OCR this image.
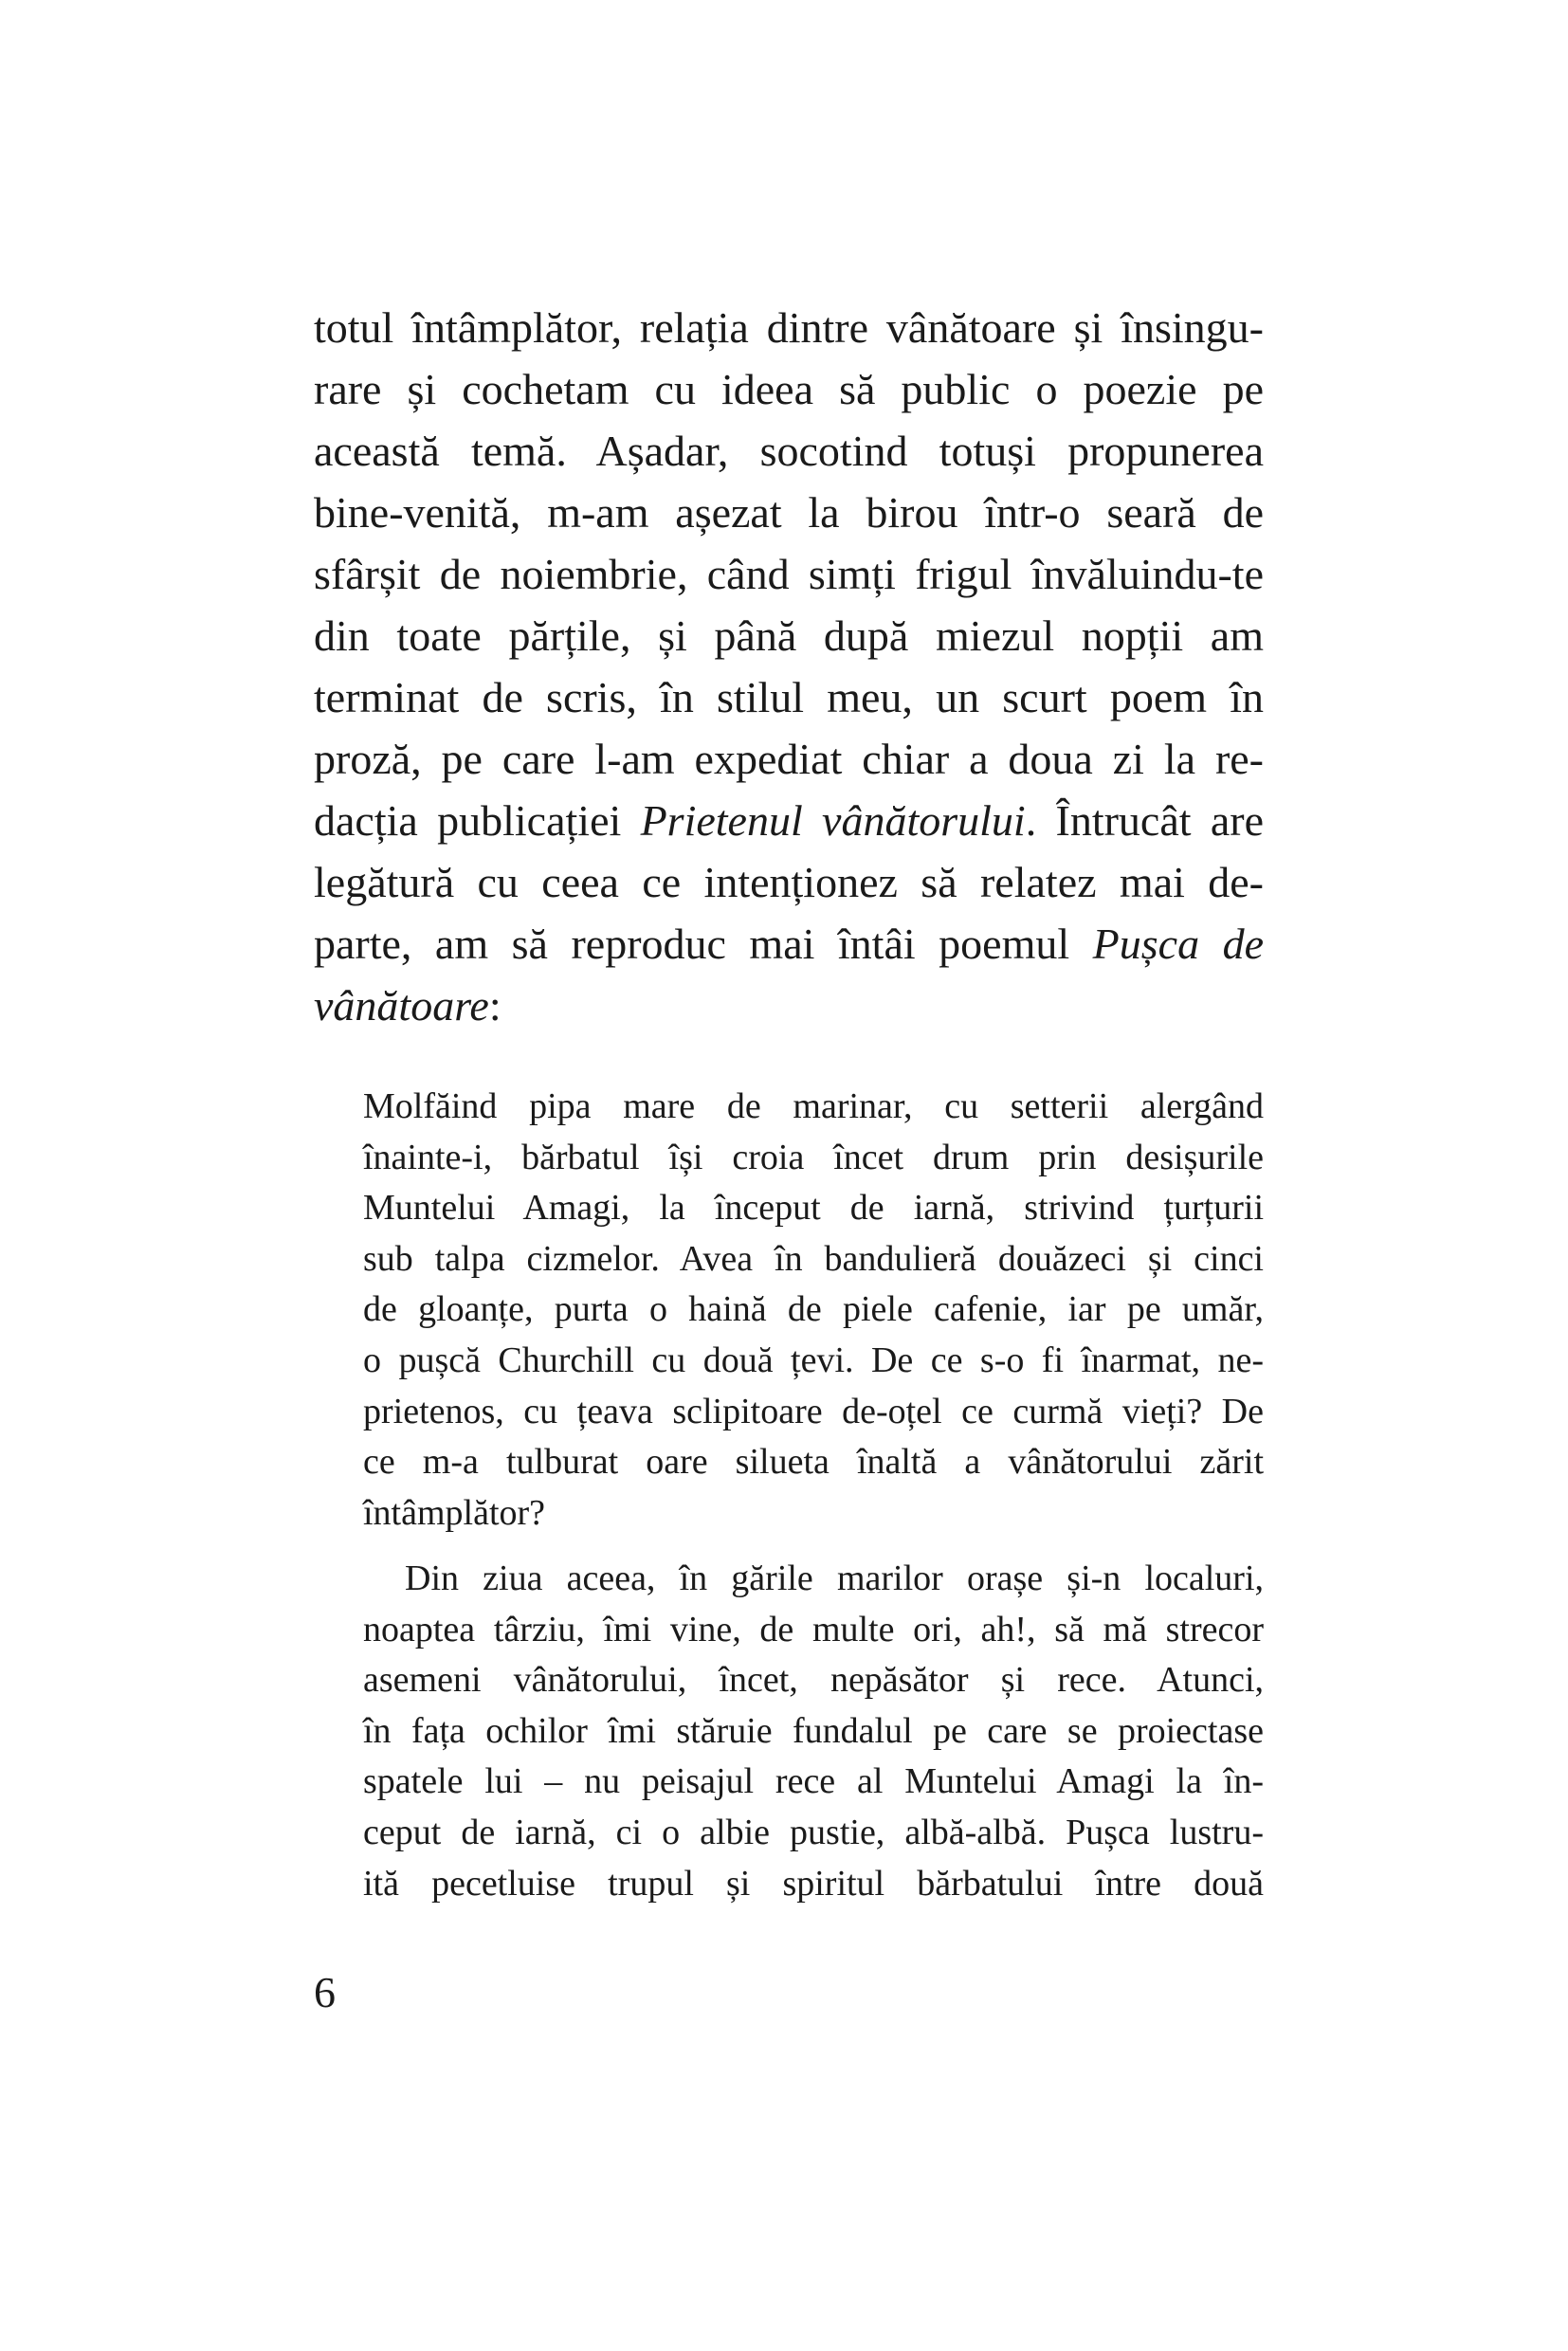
totul întâmplător, relația dintre vânătoare și însingu-
rare și cochetam cu ideea să public o poezie pe
această temă. Așadar, socotind totuși propunerea
bine-venită, m-am așezat la birou într-o seară de
sfârșit de noiembrie, când simți frigul învăluindu-te
din toate părțile, și până după miezul nopții am
terminat de scris, în stilul meu, un scurt poem în
proză, pe care l-am expediat chiar a doua zi la re-
dacția publicației Prietenul vânătorului. Întrucât are
legătură cu ceea ce intenționez să relatez mai de-
parte, am să reproduc mai întâi poemul Pușca de
vânătoare:
Molfăind pipa mare de marinar, cu setterii alergând
înainte-i, bărbatul își croia încet drum prin desișurile
Muntelui Amagi, la început de iarnă, strivind țurțurii
sub talpa cizmelor. Avea în bandulieră douăzeci și cinci
de gloanțe, purta o haină de piele cafenie, iar pe umăr,
o pușcă Churchill cu două țevi. De ce s-o fi înarmat, ne-
prietenos, cu țeava sclipitoare de-oțel ce curmă vieți? De
ce m-a tulburat oare silueta înaltă a vânătorului zărit
întâmplător?
Din ziua aceea, în gările marilor orașe și-n localuri,
noaptea târziu, îmi vine, de multe ori, ah!, să mă strecor
asemeni vânătorului, încet, nepăsător și rece. Atunci,
în fața ochilor îmi stăruie fundalul pe care se proiectase
spatele lui – nu peisajul rece al Muntelui Amagi la în-
ceput de iarnă, ci o albie pustie, albă-albă. Pușca lustru-
ită pecetluise trupul și spiritul bărbatului între două
6
